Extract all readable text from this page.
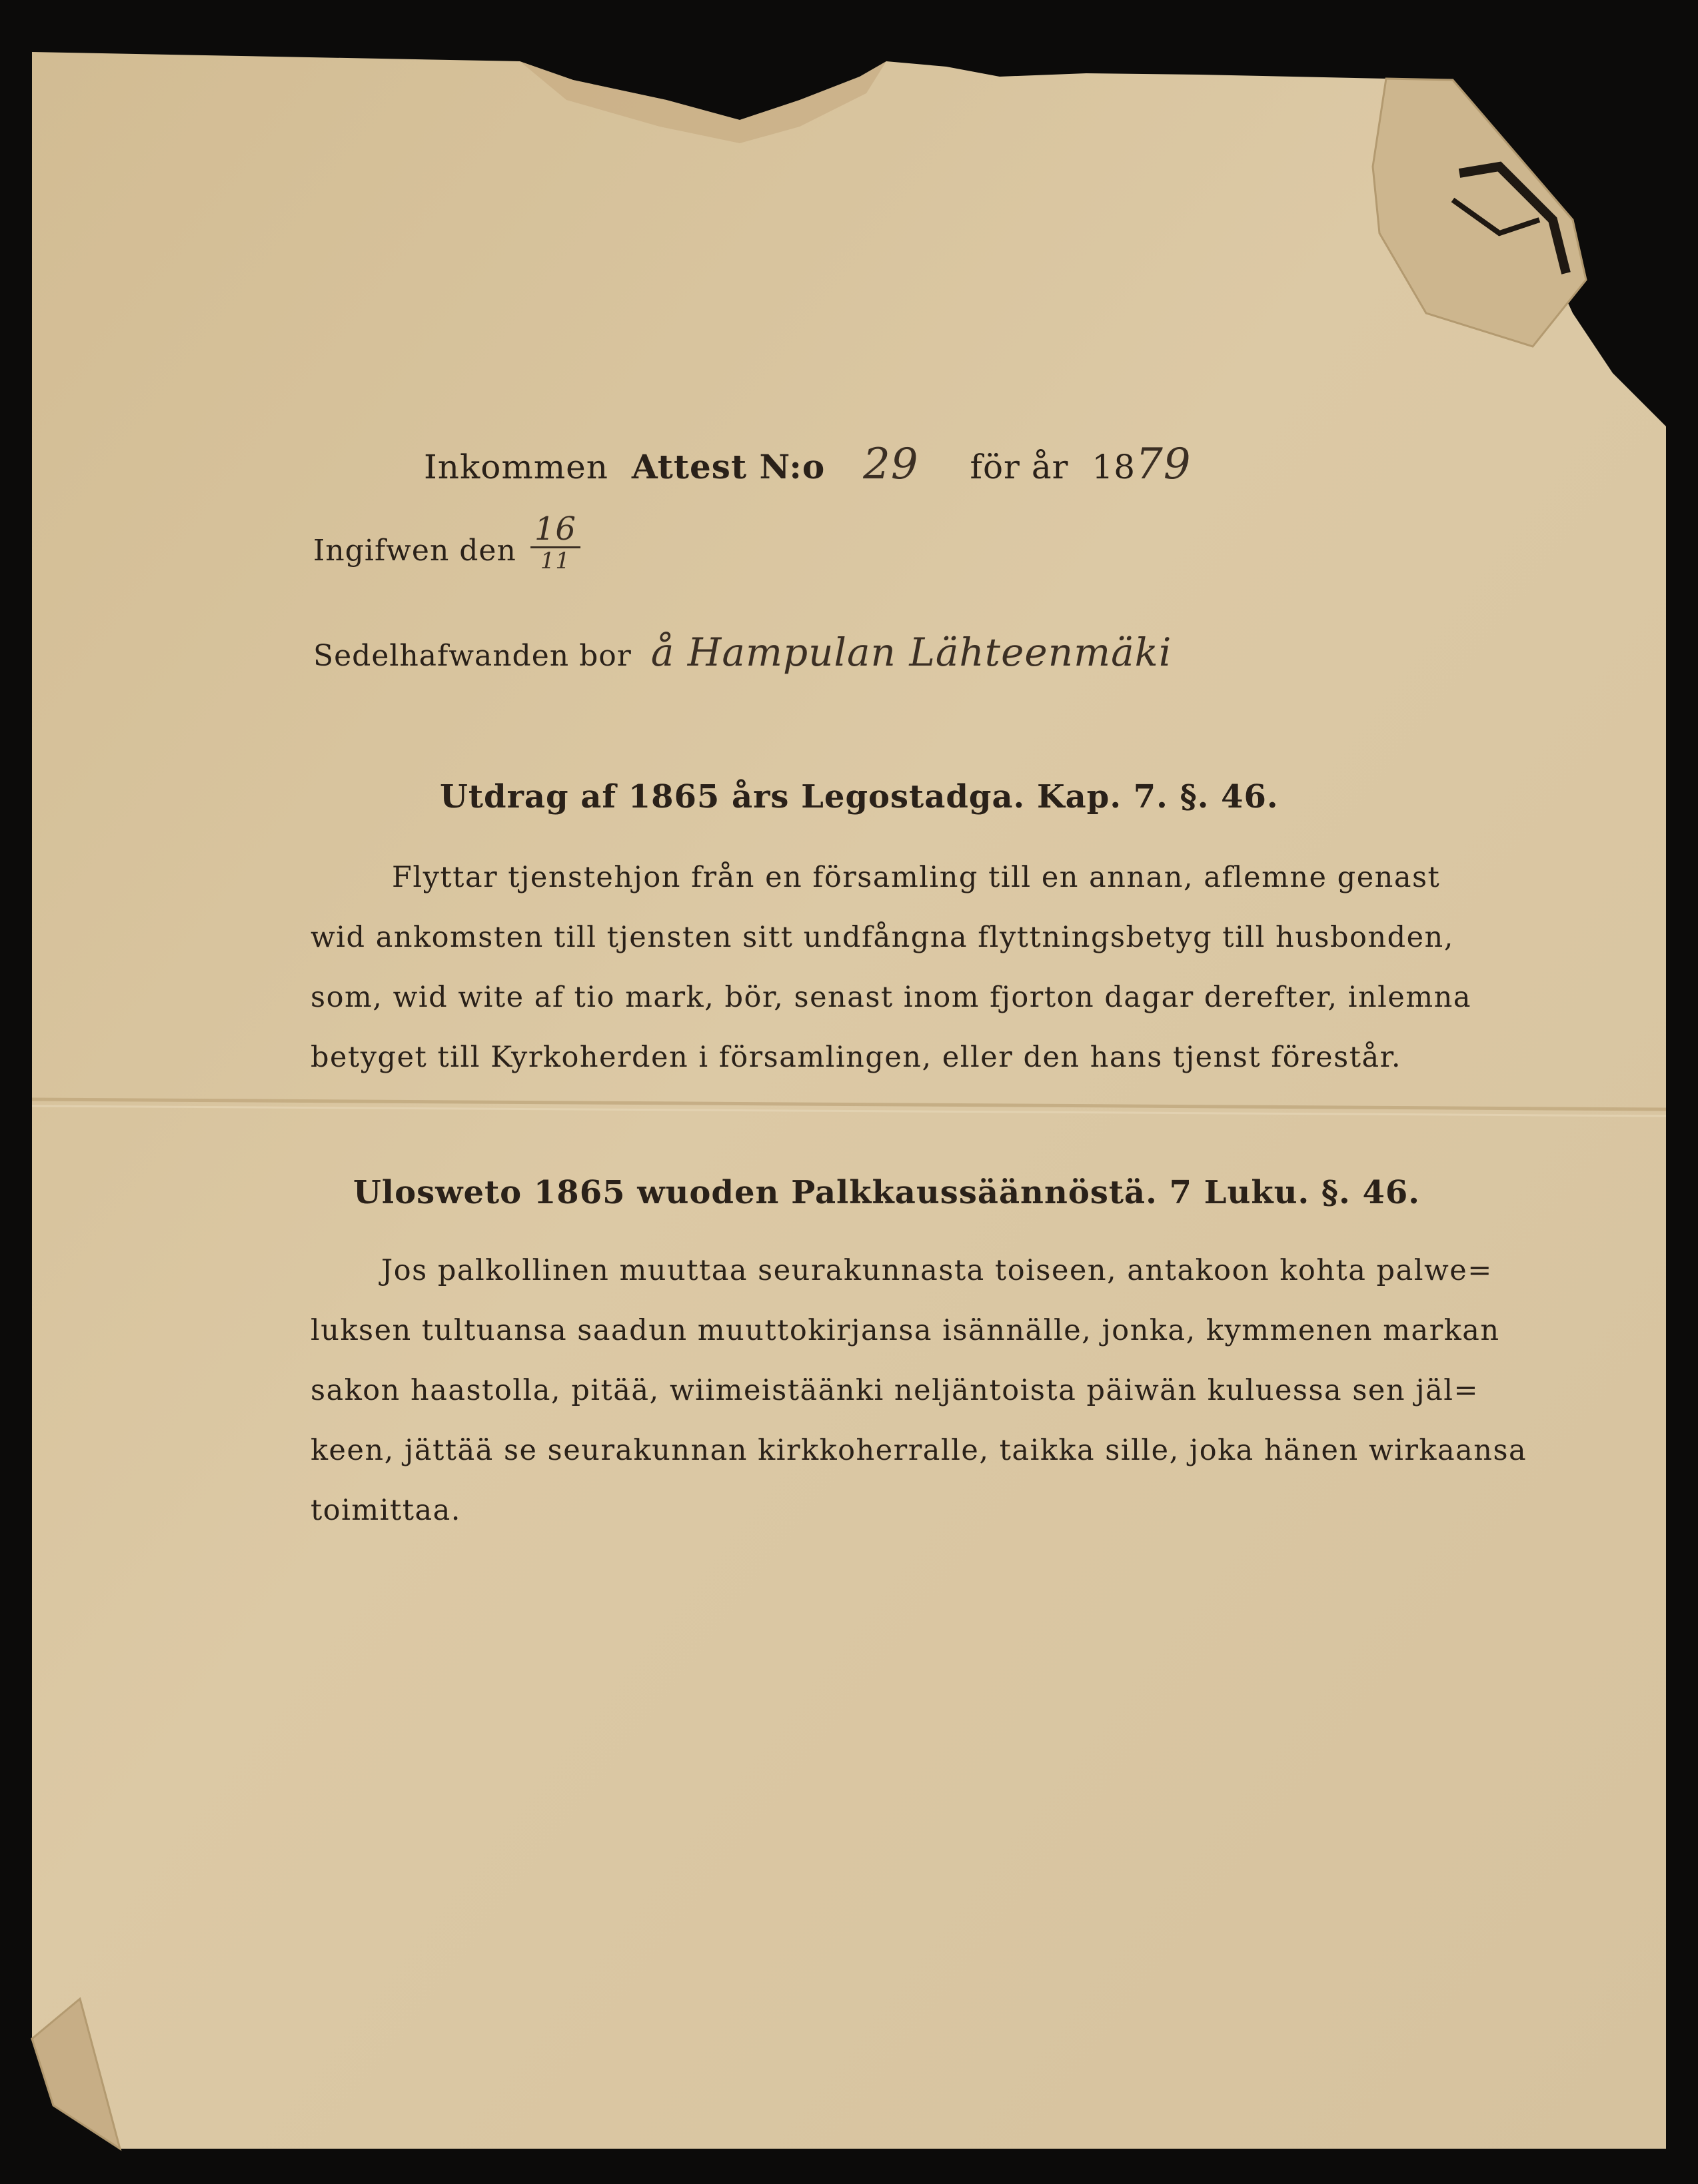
Inkommen Attest N:o 29 för år 1879
Ingifwen den $\frac{16}{11}$
Sedelhafwanden bor å Hampulan Lähteenmäki
Utdrag af 1865 års Legostadga. Kap. 7. §. 46.
Flyttar tjenstehjon från en församling till en annan, aflemne genast
wid ankomsten till tjensten sitt undfångna flyttningsbetyg till husbonden,
som, wid wite af tio mark, bör, senast inom fjorton dagar derefter, inlemna
betyget till Kyrkoherden i församlingen, eller den hans tjenst förestår.
Ulosweto 1865 wuoden Palkkaussäännöstä. 7 Luku. §. 46.
Jos palkollinen muuttaa seurakunnasta toiseen, antakoon kohta palwe=
luksen tultuansa saadun muuttokirjansa isännälle, jonka, kymmenen markan
sakon haastolla, pitää, wiimeistäänki neljäntoista päiwän kuluessa sen jäl=
keen, jättää se seurakunnan kirkkoherralle, taikka sille, joka hänen wirkaansa
toimittaa.
